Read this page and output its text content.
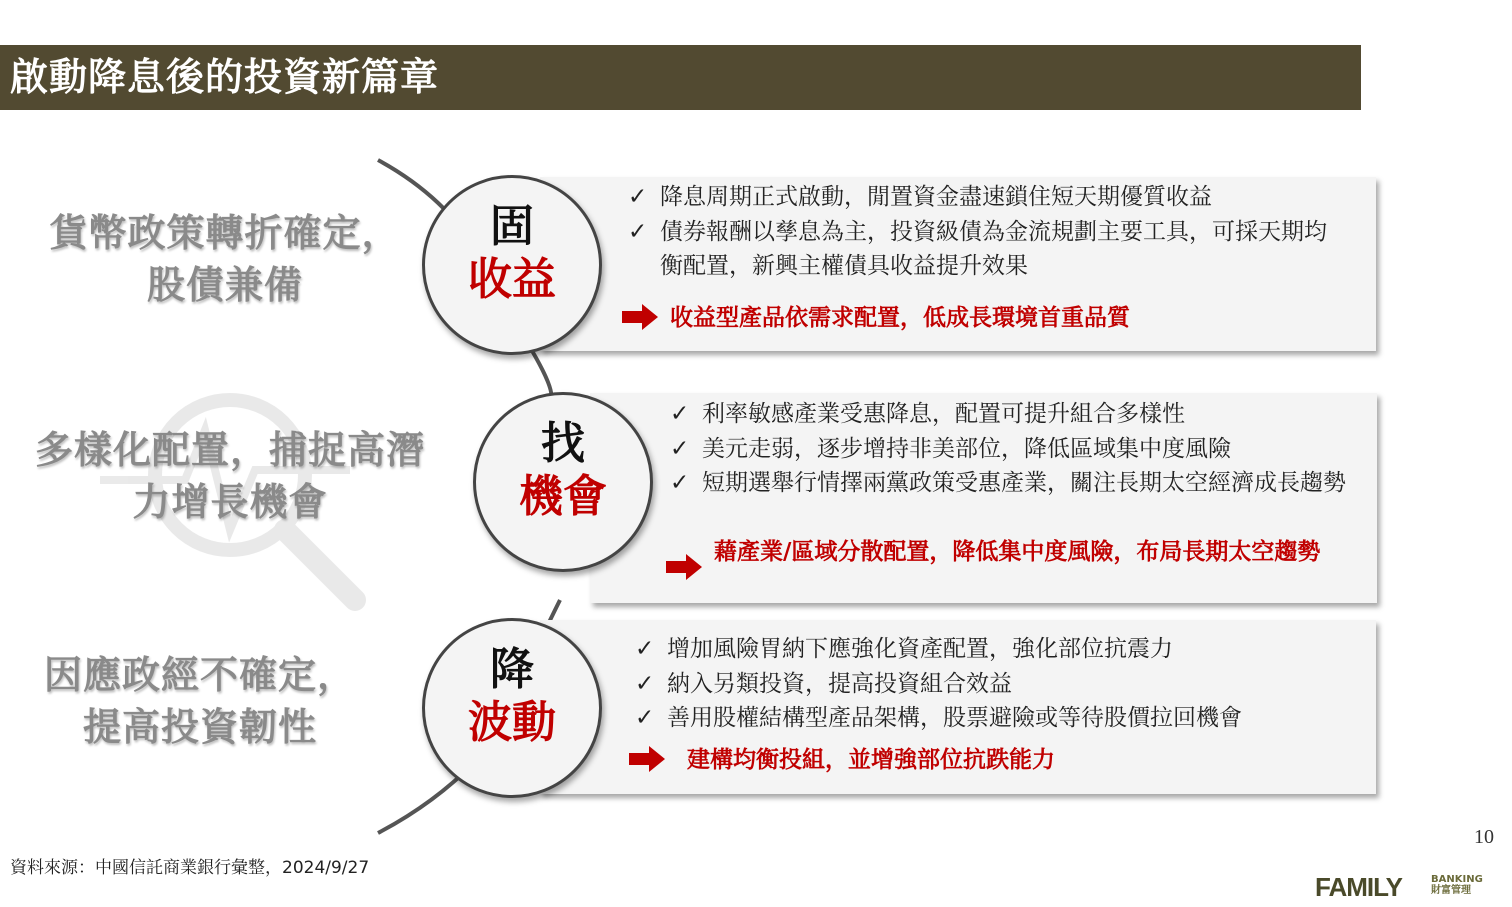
啟動降息後的投資新篇章
貨幣政策轉折確定，
股債兼備
固
收益
✓ 降息周期正式啟動，閒置資金盡速鎖住短天期優質收益
✓ 債券報酬以孳息為主，投資級債為金流規劃主要工具，可採天期均衡配置，新興主權債具收益提升效果
收益型產品依需求配置，低成長環境首重品質
多樣化配置，捕捉高潛
力增長機會
找
機會
✓ 利率敏感產業受惠降息，配置可提升組合多樣性
✓ 美元走弱，逐步增持非美部位，降低區域集中度風險
✓ 短期選舉行情擇兩黨政策受惠產業，關注長期太空經濟成長趨勢
藉產業/區域分散配置，降低集中度風險，布局長期太空趨勢
因應政經不確定，
提高投資韌性
降
波動
✓ 增加風險胃納下應強化資產配置，強化部位抗震力
✓ 納入另類投資，提高投資組合效益
✓ 善用股權結構型產品架構，股票避險或等待股價拉回機會
建構均衡投組，並增強部位抗跌能力
資料來源：中國信託商業銀行彙整，2024/9/27
10
FAMILY	BANKING
財富管理
